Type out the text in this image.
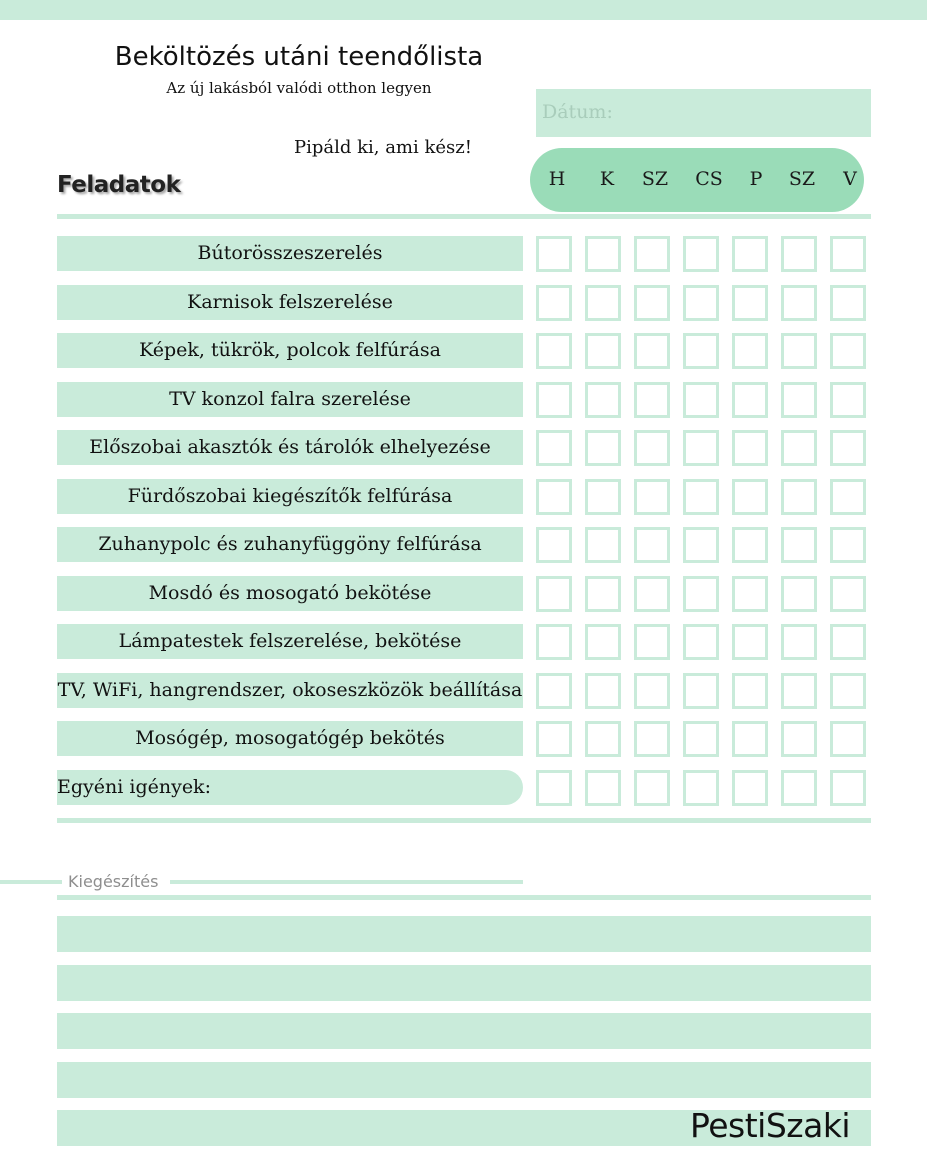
Beköltözés utáni teendőlista
Az új lakásból valódi otthon legyen
Dátum:
Pipáld ki, ami kész!
Feladatok	H	K	SZ	CS	P	SZ	V
Bútorösszeszerelés
Karnisok felszerelése
Képek, tükrök, polcok felfúrása
TV konzol falra szerelése
Előszobai akasztók és tárolók elhelyezése
Fürdőszobai kiegészítők felfúrása
Zuhanypolc és zuhanyfüggöny felfúrása
Mosdó és mosogató bekötése
Lámpatestek felszerelése, bekötése
TV, WiFi, hangrendszer, okoseszközök beállítása
Mosógép, mosogatógép bekötés
Egyéni igények:
Kiegészítés
PestiSzaki
